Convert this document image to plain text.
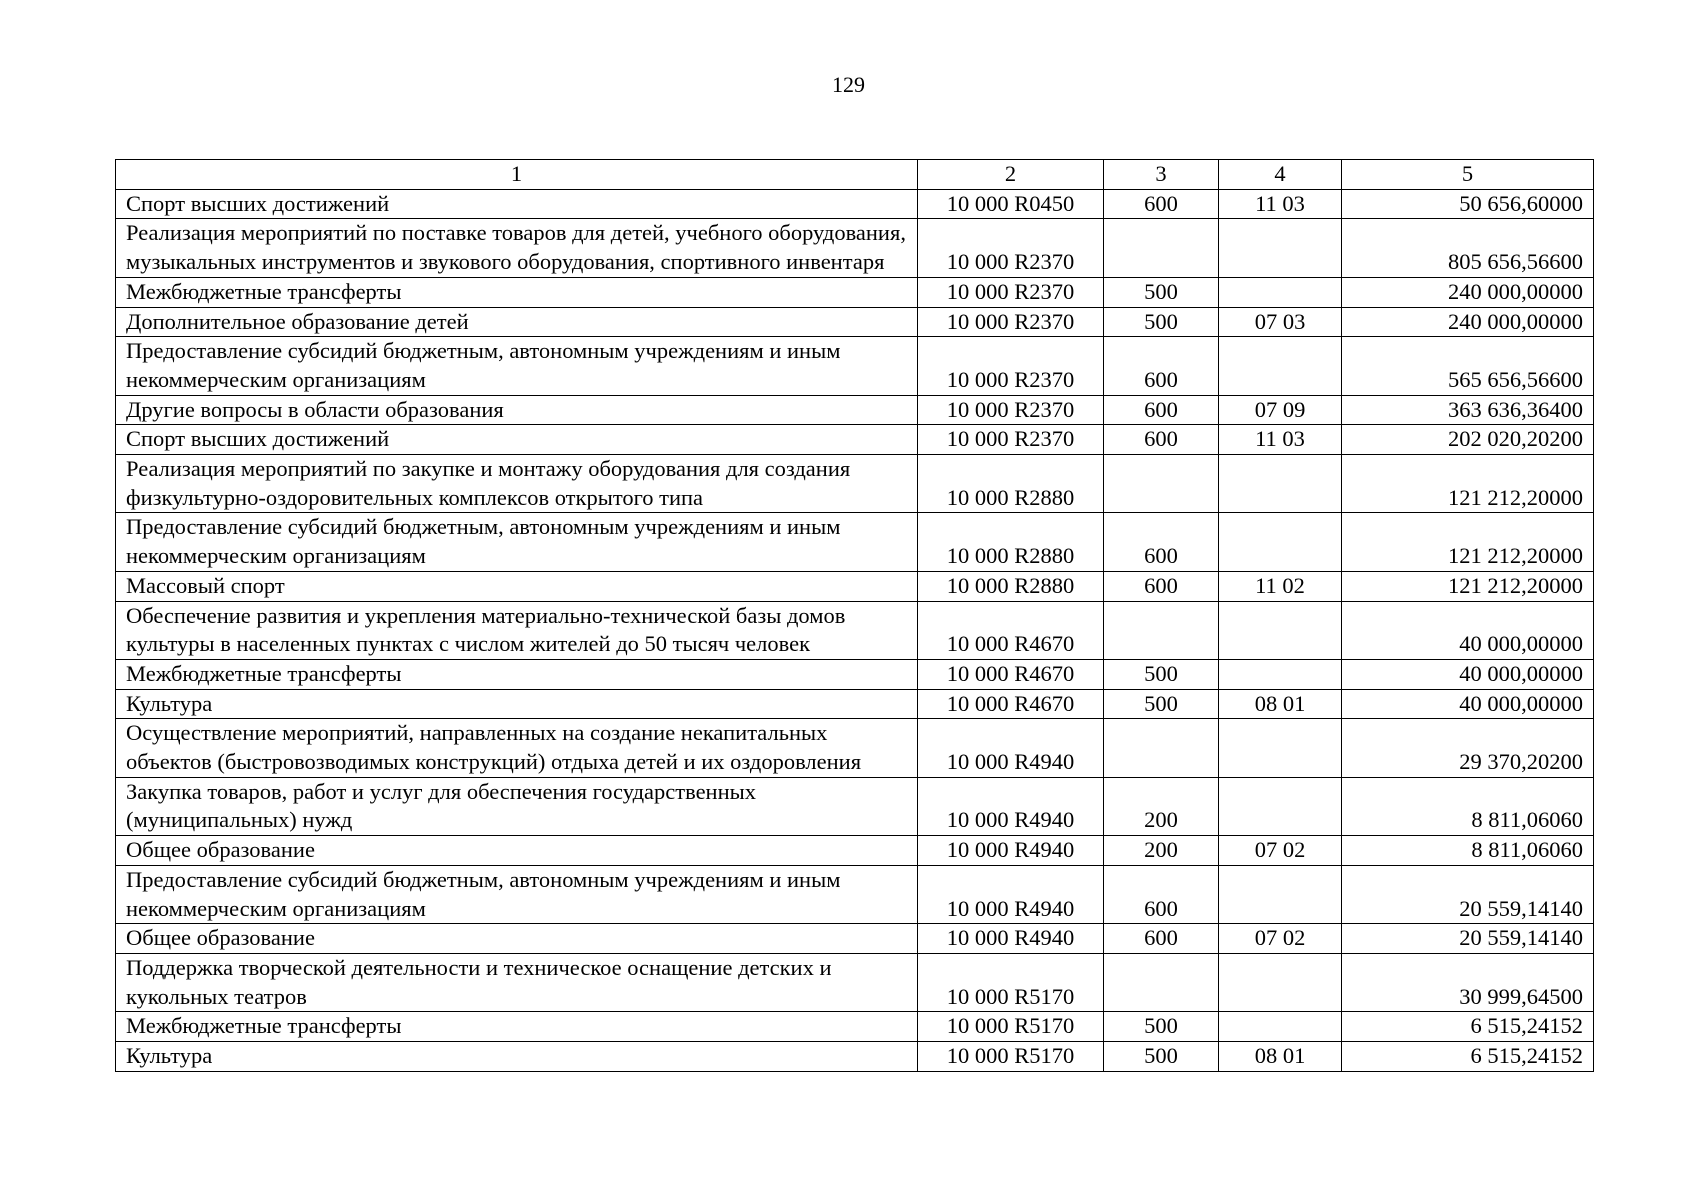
129
1	2	3	4	5
Спорт высших достижений	10 000 R0450	600	11 03	50 656,60000
Реализация мероприятий по поставке товаров для детей, учебного оборудования, музыкальных инструментов и звукового оборудования, спортивного инвентаря	10 000 R2370			805 656,56600
Межбюджетные трансферты	10 000 R2370	500		240 000,00000
Дополнительное образование детей	10 000 R2370	500	07 03	240 000,00000
Предоставление субсидий бюджетным, автономным учреждениям и иным некоммерческим организациям	10 000 R2370	600		565 656,56600
Другие вопросы в области образования	10 000 R2370	600	07 09	363 636,36400
Спорт высших достижений	10 000 R2370	600	11 03	202 020,20200
Реализация мероприятий по закупке и монтажу оборудования для создания физкультурно-оздоровительных комплексов открытого типа	10 000 R2880			121 212,20000
Предоставление субсидий бюджетным, автономным учреждениям и иным некоммерческим организациям	10 000 R2880	600		121 212,20000
Массовый спорт	10 000 R2880	600	11 02	121 212,20000
Обеспечение развития и укрепления материально-технической базы домов культуры в населенных пунктах с числом жителей до 50 тысяч человек	10 000 R4670			40 000,00000
Межбюджетные трансферты	10 000 R4670	500		40 000,00000
Культура	10 000 R4670	500	08 01	40 000,00000
Осуществление мероприятий, направленных на создание некапитальных объектов (быстровозводимых конструкций) отдыха детей и их оздоровления	10 000 R4940			29 370,20200
Закупка товаров, работ и услуг для обеспечения государственных (муниципальных) нужд	10 000 R4940	200		8 811,06060
Общее образование	10 000 R4940	200	07 02	8 811,06060
Предоставление субсидий бюджетным, автономным учреждениям и иным некоммерческим организациям	10 000 R4940	600		20 559,14140
Общее образование	10 000 R4940	600	07 02	20 559,14140
Поддержка творческой деятельности и техническое оснащение детских и кукольных театров	10 000 R5170			30 999,64500
Межбюджетные трансферты	10 000 R5170	500		6 515,24152
Культура	10 000 R5170	500	08 01	6 515,24152
